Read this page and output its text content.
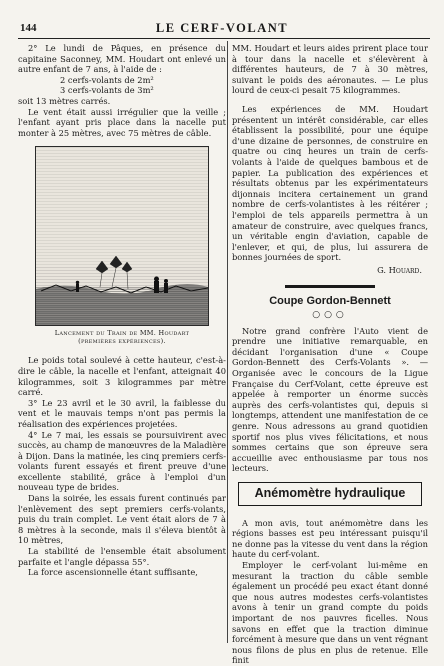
144	LE CERF-VOLANT

2° Le lundi de Pâques, en présence du capitaine Saconney, MM. Houdart ont enlevé un autre enfant de 7 ans, à l'aide de :

2 cerfs-volants de 2m²

3 cerfs-volants de 3m²

soit 13 mètres carrés.

Le vent était aussi irrégulier que la veille ; l'enfant ayant pris place dans la nacelle put monter à 25 mètres, avec 75 mètres de câble.

Lancement du Train de MM. Houdart
(premières expériences).

Le poids total soulevé à cette hauteur, c'est-à-dire le câble, la nacelle et l'enfant, atteignait 40 kilogrammes, soit 3 kilogrammes par mètre carré.

3° Le 23 avril et le 30 avril, la faiblesse du vent et le mauvais temps n'ont pas permis la réalisation des expériences projetées.

4° Le 7 mai, les essais se poursuivirent avec succès, au champ de manœuvres de la Maladière à Dijon. Dans la matinée, les cinq premiers cerfs-volants furent essayés et firent preuve d'une excellente stabilité, grâce à l'emploi d'un nouveau type de brides.

Dans la soirée, les essais furent continués par l'enlèvement des sept premiers cerfs-volants, puis du train complet. Le vent était alors de 7 à 8 mètres à la seconde, mais il s'éleva bientôt à 10 mètres,

La stabilité de l'ensemble était absolument parfaite et l'angle dépassa 55°.

La force ascensionnelle étant suffisante,

MM. Houdart et leurs aides prirent place tour à tour dans la nacelle et s'élevèrent à différentes hauteurs, de 7 à 30 mètres, suivant le poids des aéronautes. — Le plus lourd de ceux-ci pesait 75 kilogrammes.

Les expériences de MM. Houdart présentent un intérêt considérable, car elles établissent la possibilité, pour une équipe d'une dizaine de personnes, de construire en quatre ou cinq heures un train de cerfs-volants à l'aide de quelques bambous et de papier. La publication des expériences et résultats obtenus par les expérimentateurs dijonnais incitera certainement un grand nombre de cerfs-volantistes à les réitérer ; l'emploi de tels appareils permettra à un amateur de construire, avec quelques francs, un véritable engin d'aviation, capable de l'enlever, et qui, de plus, lui assurera de bonnes journées de sport.

G. Houard.
Coupe Gordon-Bennett
○○○

Notre grand confrère l'Auto vient de prendre une initiative remarquable, en décidant l'organisation d'une « Coupe Gordon-Bennett des Cerfs-Volants ». — Organisée avec le concours de la Ligue Française du Cerf-Volant, cette épreuve est appelée à remporter un énorme succès auprès des cerfs-volantistes qui, depuis si longtemps, attendent une manifestation de ce genre. Nous adressons au grand quotidien sportif nos plus vives félicitations, et nous sommes certains que son épreuve sera accueillie avec enthousiasme par tous nos lecteurs.

Anémomètre hydraulique

A mon avis, tout anémomètre dans les régions basses est peu intéressant puisqu'il ne donne pas la vitesse du vent dans la région haute du cerf-volant.

Employer le cerf-volant lui-même en mesurant la traction du câble semble également un procédé peu exact étant donné que nous autres modestes cerfs-volantistes avons à tenir un grand compte du poids important de nos pauvres ficelles. Nous savons en effet que la traction diminue forcément à mesure que dans un vent régnant nous filons de plus en plus de retenue. Elle finit
